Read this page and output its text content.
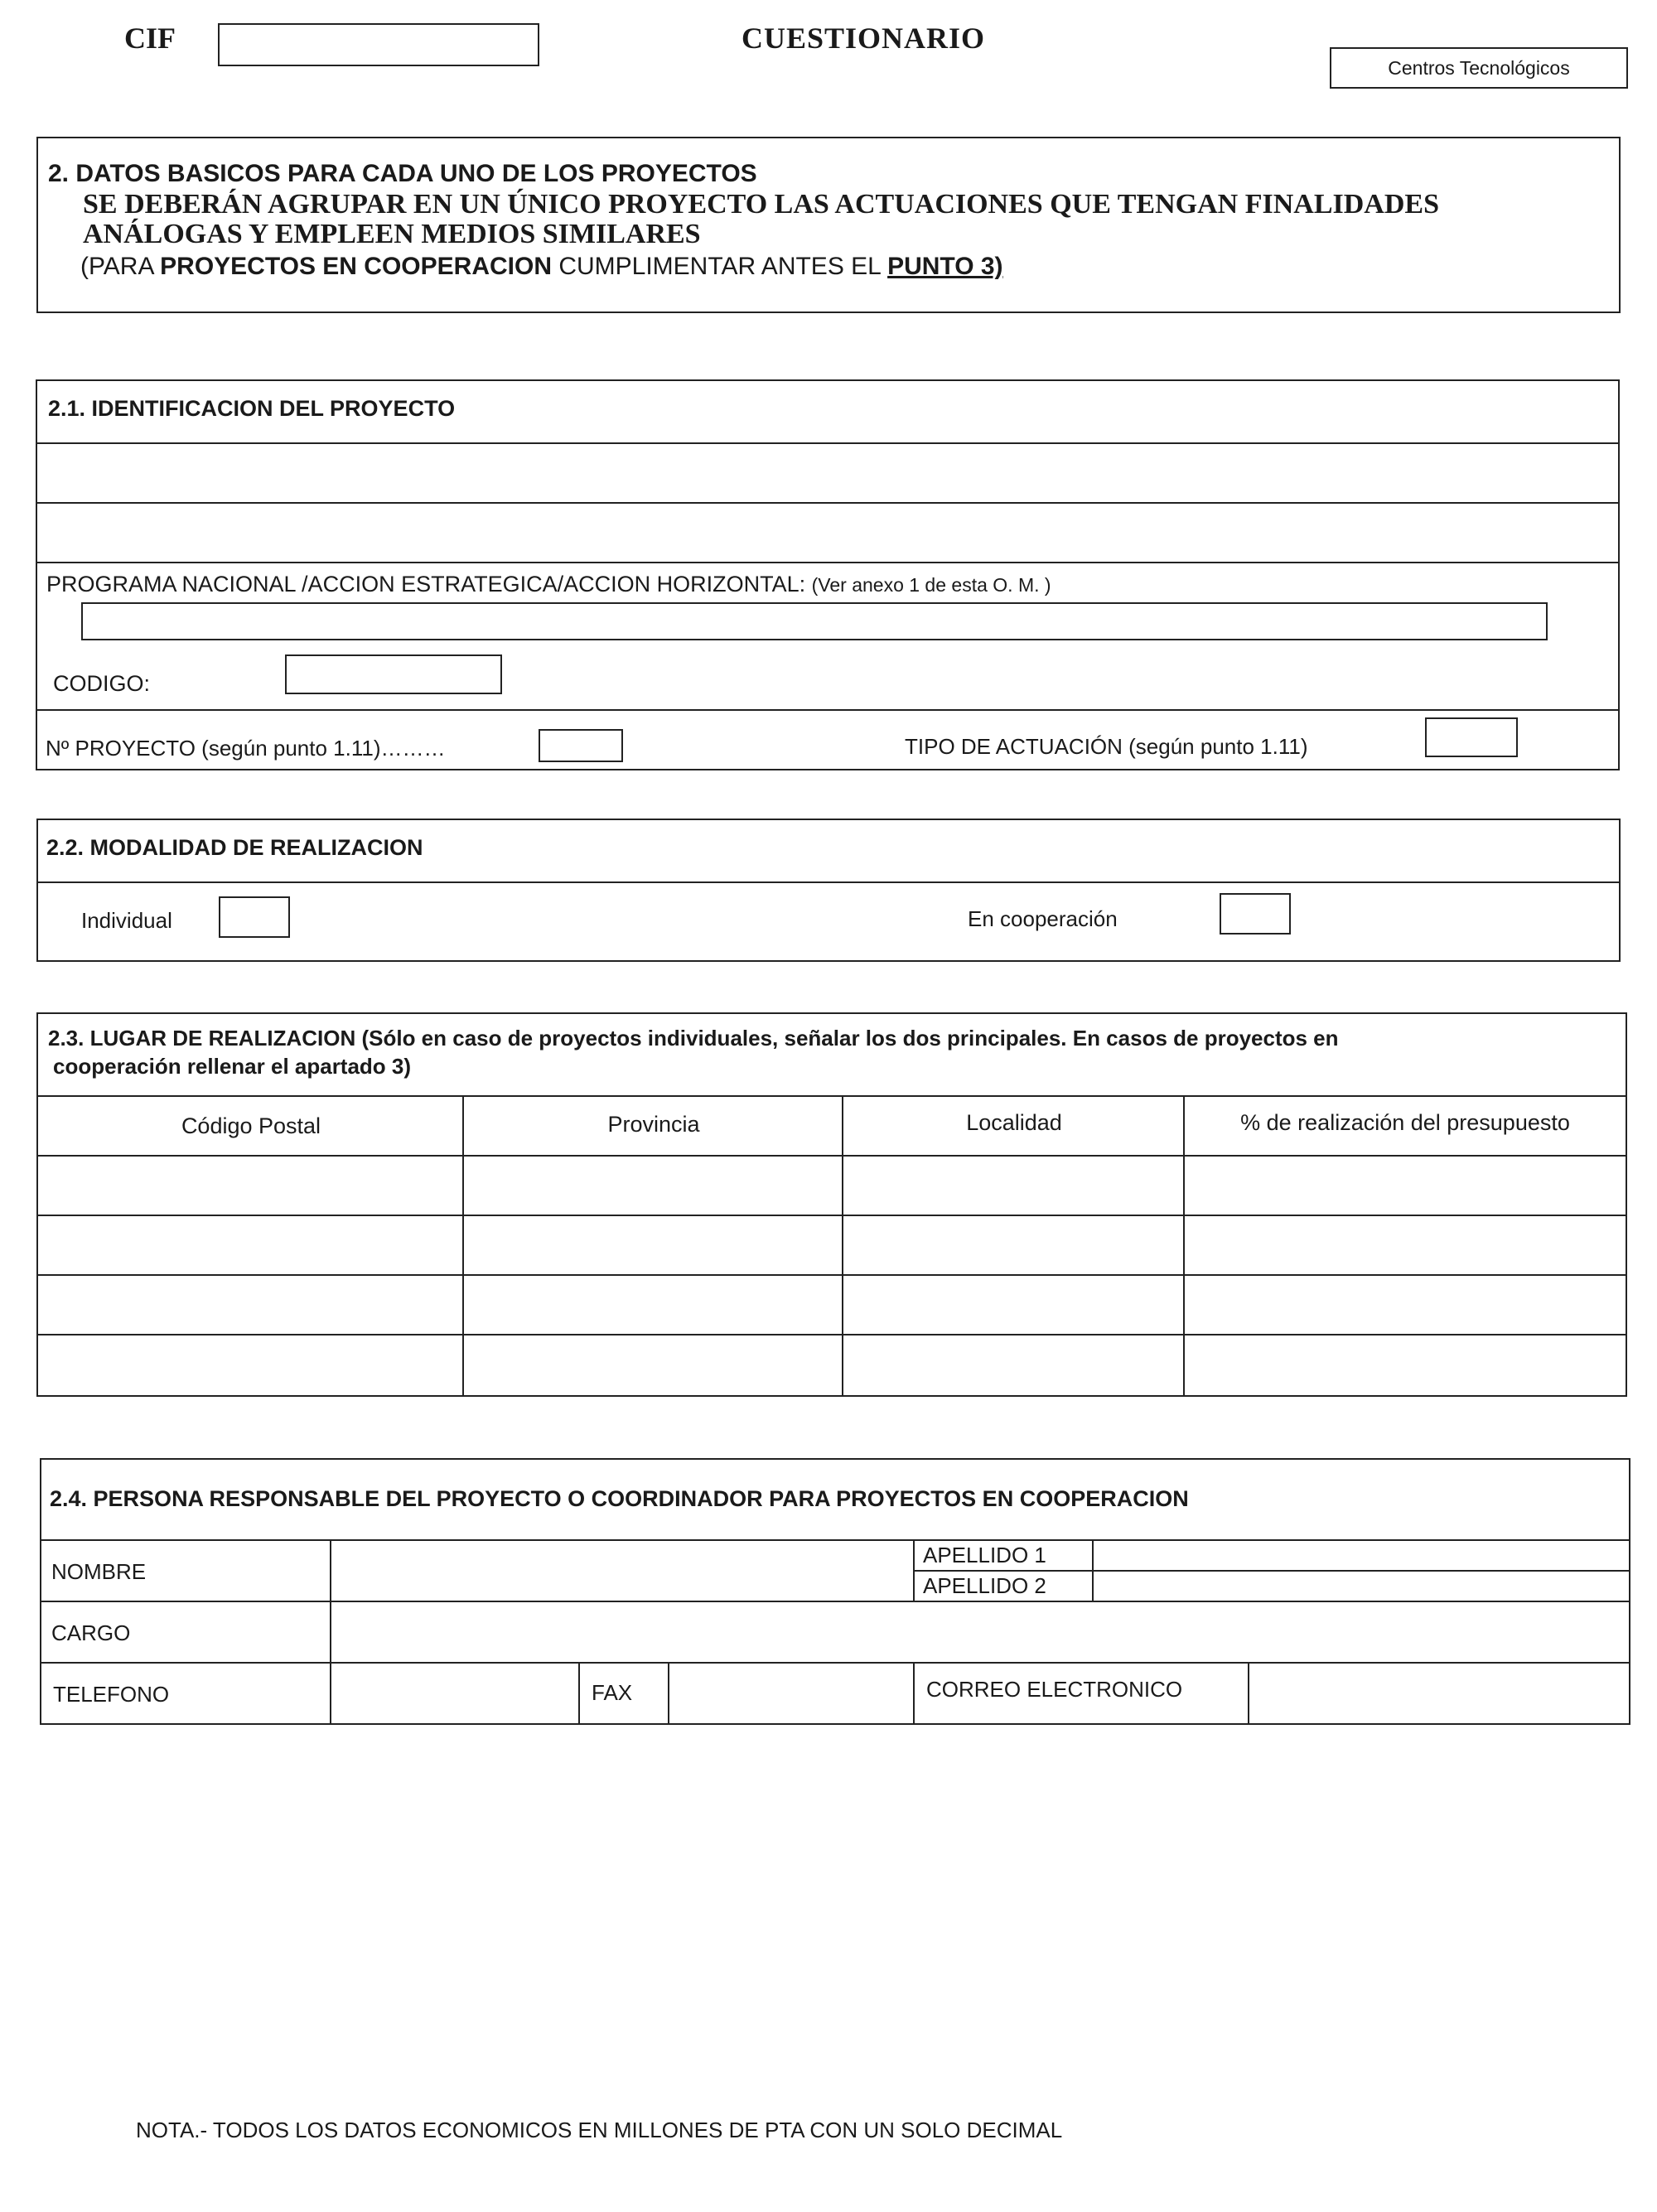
CIF	CUESTIONARIO
Centros Tecnológicos
2. DATOS BASICOS PARA CADA UNO DE LOS PROYECTOS
SE DEBERÁN AGRUPAR EN UN ÚNICO PROYECTO LAS ACTUACIONES QUE TENGAN FINALIDADES
ANÁLOGAS Y EMPLEEN MEDIOS SIMILARES
(PARA PROYECTOS EN COOPERACION CUMPLIMENTAR ANTES EL PUNTO 3)
2.1. IDENTIFICACION DEL PROYECTO
PROGRAMA NACIONAL /ACCION ESTRATEGICA/ACCION HORIZONTAL: (Ver anexo 1 de esta O. M. )
CODIGO:
Nº PROYECTO (según punto 1.11)………	TIPO DE ACTUACIÓN (según punto 1.11)
2.2. MODALIDAD DE REALIZACION
Individual	En cooperación
2.3. LUGAR DE REALIZACION (Sólo en caso de proyectos individuales, señalar los dos principales. En casos de proyectos en
cooperación rellenar el apartado 3)
Código Postal	Provincia	Localidad	% de realización del presupuesto
2.4. PERSONA RESPONSABLE DEL PROYECTO O COORDINADOR PARA PROYECTOS EN COOPERACION
NOMBRE
APELLIDO 1
APELLIDO 2
CARGO
TELEFONO	FAX	CORREO ELECTRONICO
NOTA.- TODOS LOS DATOS ECONOMICOS EN MILLONES DE PTA CON UN SOLO DECIMAL
